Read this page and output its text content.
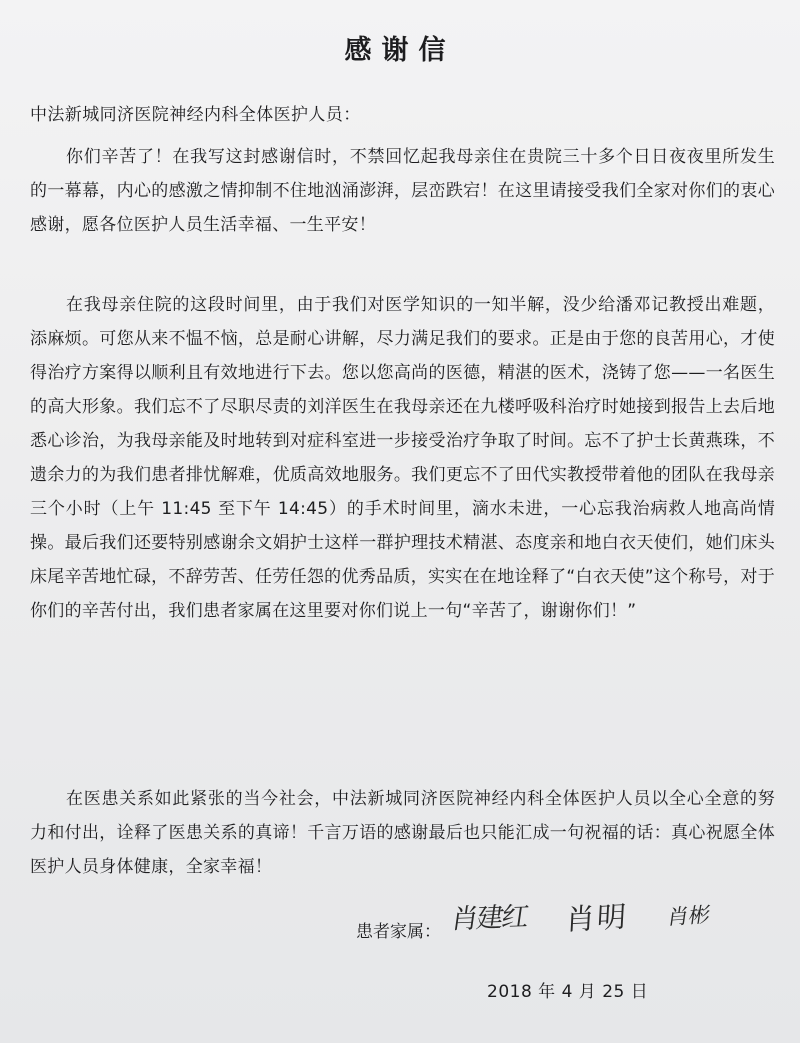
感谢信
中法新城同济医院神经内科全体医护人员：

你们辛苦了！在我写这封感谢信时，不禁回忆起我母亲住在贵院三十多个日日夜夜里所发生的一幕幕，内心的感激之情抑制不住地汹涌澎湃，层峦跌宕！在这里请接受我们全家对你们的衷心感谢，愿各位医护人员生活幸福、一生平安！

在我母亲住院的这段时间里，由于我们对医学知识的一知半解，没少给潘邓记教授出难题，添麻烦。可您从来不愠不恼，总是耐心讲解，尽力满足我们的要求。正是由于您的良苦用心，才使得治疗方案得以顺利且有效地进行下去。您以您高尚的医德，精湛的医术，浇铸了您——一名医生的高大形象。我们忘不了尽职尽责的刘洋医生在我母亲还在九楼呼吸科治疗时她接到报告上去后地悉心诊治，为我母亲能及时地转到对症科室进一步接受治疗争取了时间。忘不了护士长黄燕珠，不遗余力的为我们患者排忧解难，优质高效地服务。我们更忘不了田代实教授带着他的团队在我母亲三个小时（上午 11:45 至下午 14:45）的手术时间里，滴水未进，一心忘我治病救人地高尚情操。最后我们还要特别感谢余文娟护士这样一群护理技术精湛、态度亲和地白衣天使们，她们床头床尾辛苦地忙碌，不辞劳苦、任劳任怨的优秀品质，实实在在地诠释了“白衣天使”这个称号，对于你们的辛苦付出，我们患者家属在这里要对你们说上一句“辛苦了，谢谢你们！”

在医患关系如此紧张的当今社会，中法新城同济医院神经内科全体医护人员以全心全意的努力和付出，诠释了医患关系的真谛！千言万语的感谢最后也只能汇成一句祝福的话：真心祝愿全体医护人员身体健康，全家幸福！

患者家属： 肖建红 肖明 肖彬
2018 年 4 月 25 日
